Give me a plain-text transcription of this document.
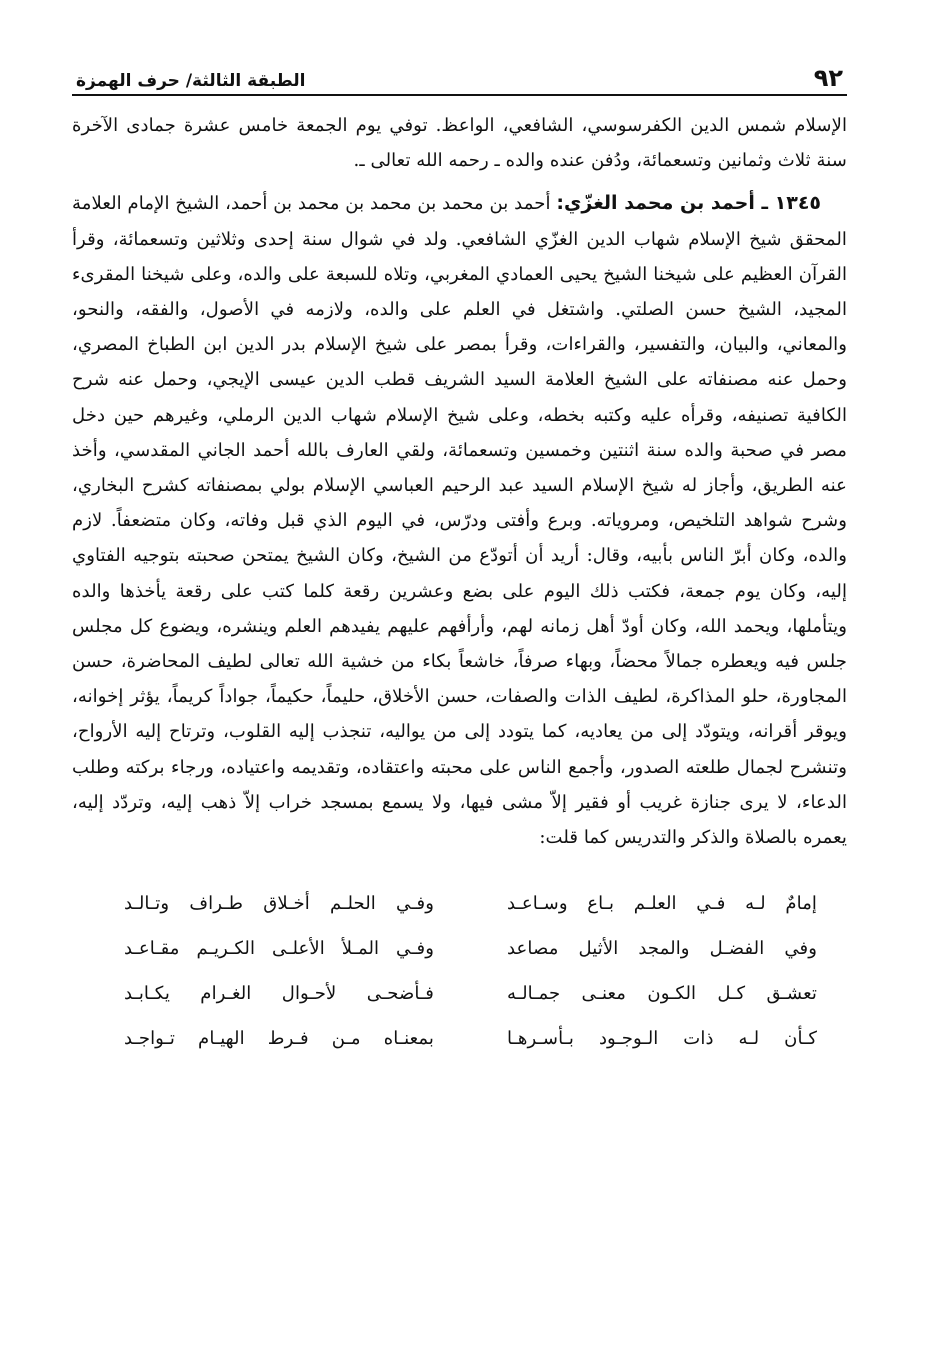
٩٢
الطبقة الثالثة/ حرف الهمزة

الإسلام شمس الدين الكفرسوسي، الشافعي، الواعظ. توفي يوم الجمعة خامس عشرة جمادى الآخرة سنة ثلاث وثمانين وتسعمائة، ودُفن عنده والده ـ رحمه الله تعالى ـ.

١٣٤٥ ـ أحمد بن محمد الغزّي: أحمد بن محمد بن محمد بن محمد بن أحمد، الشيخ الإمام العلامة المحقق شيخ الإسلام شهاب الدين الغزّي الشافعي. ولد في شوال سنة إحدى وثلاثين وتسعمائة، وقرأ القرآن العظيم على شيخنا الشيخ يحيى العمادي المغربي، وتلاه للسبعة على والده، وعلى شيخنا المقرىء المجيد، الشيخ حسن الصلتي. واشتغل في العلم على والده، ولازمه في الأصول، والفقه، والنحو، والمعاني، والبيان، والتفسير، والقراءات، وقرأ بمصر على شيخ الإسلام بدر الدين ابن الطباخ المصري، وحمل عنه مصنفاته على الشيخ العلامة السيد الشريف قطب الدين عيسى الإيجي، وحمل عنه شرح الكافية تصنيفه، وقرأه عليه وكتبه بخطه، وعلى شيخ الإسلام شهاب الدين الرملي، وغيرهم حين دخل مصر في صحبة والده سنة اثنتين وخمسين وتسعمائة، ولقي العارف بالله أحمد الجاني المقدسي، وأخذ عنه الطريق، وأجاز له شيخ الإسلام السيد عبد الرحيم العباسي الإسلام بولي بمصنفاته كشرح البخاري، وشرح شواهد التلخيص، ومروياته. وبرع وأفتى ودرّس، في اليوم الذي قبل وفاته، وكان متضعفاً. لازم والده، وكان أبرّ الناس بأبيه، وقال: أريد أن أتودّع من الشيخ، وكان الشيخ يمتحن صحبته بتوجيه الفتاوي إليه، وكان يوم جمعة، فكتب ذلك اليوم على بضع وعشرين رقعة كلما كتب على رقعة يأخذها والده ويتأملها، ويحمد الله، وكان أودّ أهل زمانه لهم، وأرأفهم عليهم يفيدهم العلم وينشره، ويضوع كل مجلس جلس فيه ويعطره جمالاً محضاً، وبهاء صرفاً، خاشعاً بكاء من خشية الله تعالى لطيف المحاضرة، حسن المجاورة، حلو المذاكرة، لطيف الذات والصفات، حسن الأخلاق، حليماً، حكيماً، جواداً كريماً، يؤثر إخوانه، ويوقر أقرانه، ويتودّد إلى من يعاديه، كما يتودد إلى من يواليه، تنجذب إليه القلوب، وترتاح إليه الأرواح، وتنشرح لجمال طلعته الصدور، وأجمع الناس على محبته واعتقاده، وتقديمه واعتياده، ورجاء بركته وطلب الدعاء، لا يرى جنازة غريب أو فقير إلاّ مشى فيها، ولا يسمع بمسجد خراب إلاّ ذهب إليه، وتردّد إليه، يعمره بالصلاة والذكر والتدريس كما قلت:

إمامٌ لـه فـي العلـم بـاع وسـاعـد
وفـي الحلـم أخـلاق طـراف وتـالـد
وفي الفضـل والمجد الأثيل مصاعد
وفـي المـلأ الأعلـى الكـريـم مقـاعـد
تعشـق كـل الكـون معنـى جمـالـه
فـأضحـى لأحـوال الغـرام يكـابـد
كـأن لـه ذات الـوجـود بـأسـرهـا
بمعنـاه مـن فـرط الهيـام تـواجـد
